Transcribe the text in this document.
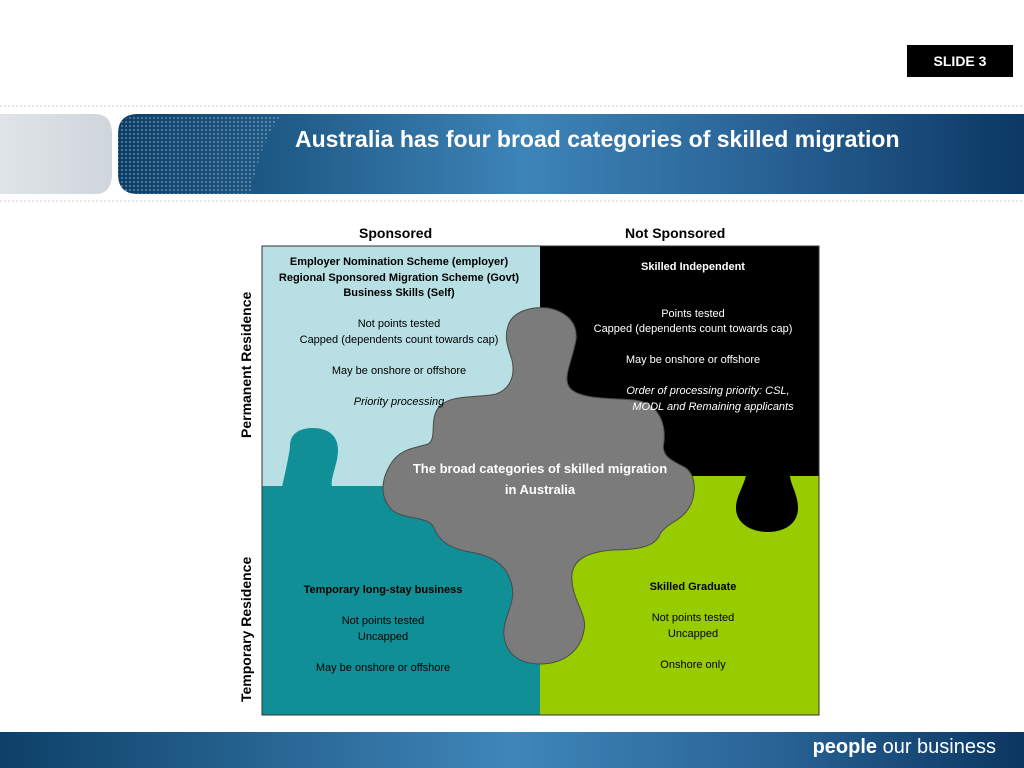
SLIDE 3
Australia has four broad categories of skilled migration
Sponsored	Not Sponsored
Permanent Residence
Temporary Residence

Employer Nomination Scheme (employer)

Regional Sponsored Migration Scheme (Govt)

Business Skills (Self)

Not points tested

Capped (dependents count towards cap)

May be onshore or offshore

Priority processing

Skilled Independent

Points tested

Capped (dependents count towards cap)

May be onshore or offshore

Order of processing priority: CSL,

MODL and Remaining applicants

Temporary long-stay business

Not points tested

Uncapped

May be onshore or offshore

Skilled Graduate

Not points tested

Uncapped

Onshore only

The broad categories of skilled migration in Australia
people our business
